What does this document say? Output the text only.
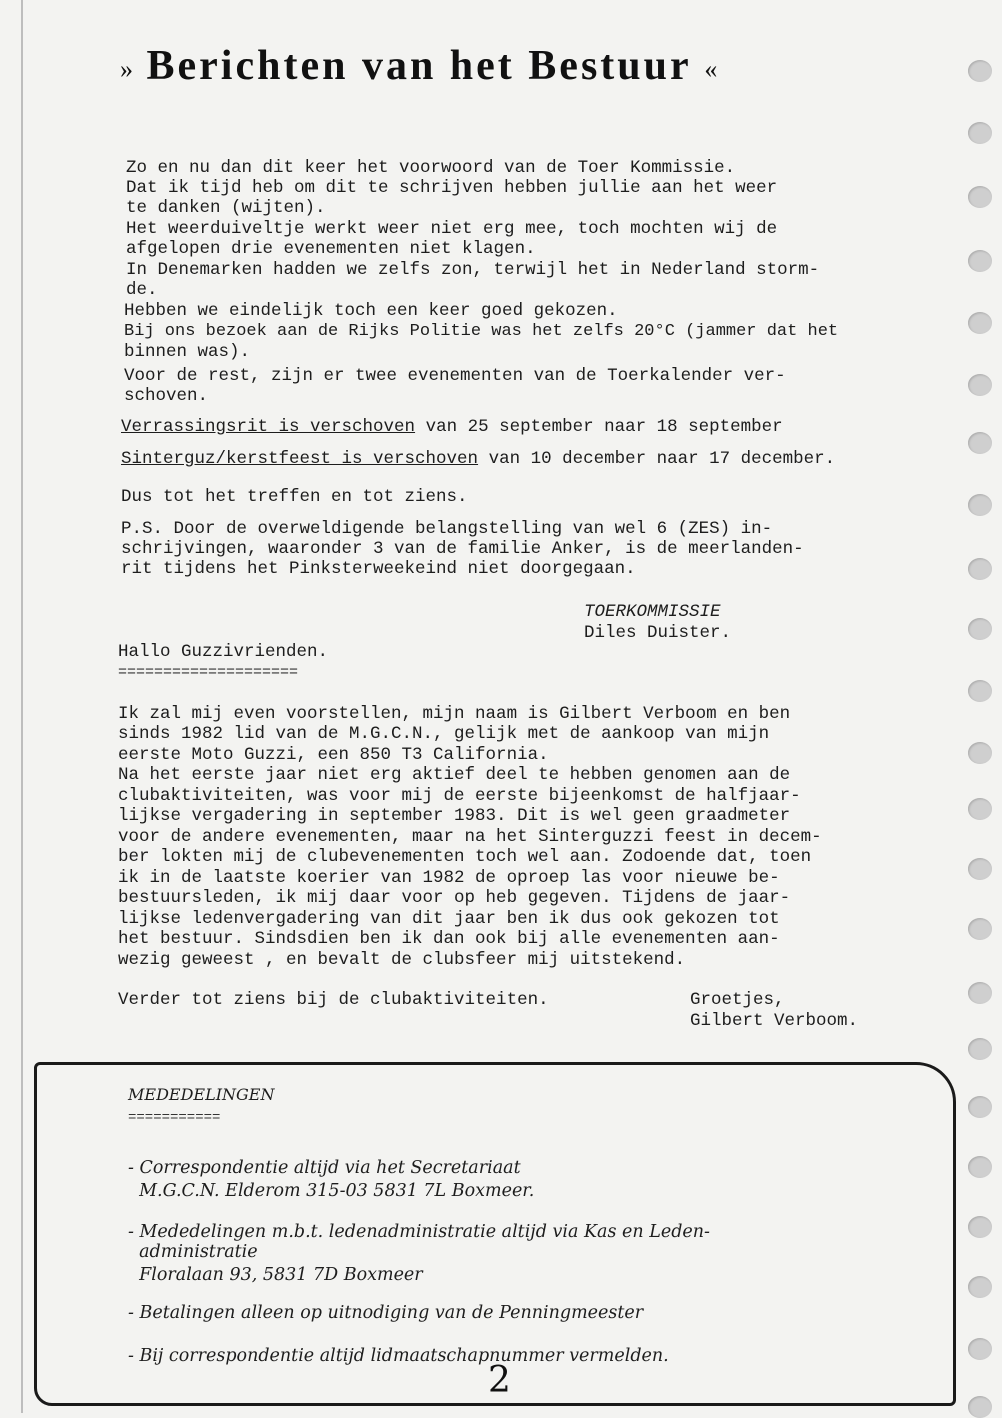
» Berichten van het Bestuur «
Zo en nu dan dit keer het voorwoord van de Toer Kommissie.
Dat ik tijd heb om dit te schrijven hebben jullie aan het weer
te danken (wijten).
Het weerduiveltje werkt weer niet erg mee, toch mochten wij de
afgelopen drie evenementen niet klagen.
In Denemarken hadden we zelfs zon, terwijl het in Nederland storm-
de.
Hebben we eindelijk toch een keer goed gekozen.
Bij ons bezoek aan de Rijks Politie was het zelfs 20°C (jammer dat het
binnen was).
Voor de rest, zijn er twee evenementen van de Toerkalender ver-
schoven.
Verrassingsrit is verschoven van 25 september naar 18 september
Sinterguz/kerstfeest is verschoven van 10 december naar 17 december.
Dus tot het treffen en tot ziens.
P.S. Door de overweldigende belangstelling van wel 6 (ZES) in-
schrijvingen, waaronder 3 van de familie Anker, is de meerlanden-
rit tijdens het Pinksterweekeind niet doorgegaan.
TOERKOMMISSIE
Diles Duister.
Hallo Guzzivrienden.
====================
Ik zal mij even voorstellen, mijn naam is Gilbert Verboom en ben
sinds 1982 lid van de M.G.C.N., gelijk met de aankoop van mijn
eerste Moto Guzzi, een 850 T3 California.
Na het eerste jaar niet erg aktief deel te hebben genomen aan de
clubaktiviteiten, was voor mij de eerste bijeenkomst de halfjaar-
lijkse vergadering in september 1983. Dit is wel geen graadmeter
voor de andere evenementen, maar na het Sinterguzzi feest in decem-
ber lokten mij de clubevenementen toch wel aan. Zodoende dat, toen
ik in de laatste koerier van 1982 de oproep las voor nieuwe be-
bestuursleden, ik mij daar voor op heb gegeven. Tijdens de jaar-
lijkse ledenvergadering van dit jaar ben ik dus ook gekozen tot
het bestuur. Sindsdien ben ik dan ook bij alle evenementen aan-
wezig geweest , en bevalt de clubsfeer mij uitstekend.
Verder tot ziens bij de clubaktiviteiten.	Groetjes,
Gilbert Verboom.
MEDEDELINGEN
===========
- Correspondentie altijd via het Secretariaat
M.G.C.N. Elderom 315-03 5831 7L Boxmeer.
- Mededelingen m.b.t. ledenadministratie altijd via Kas en Leden-
administratie
Floralaan 93, 5831 7D Boxmeer
- Betalingen alleen op uitnodiging van de Penningmeester
- Bij correspondentie altijd lidmaatschapnummer vermelden.
2
